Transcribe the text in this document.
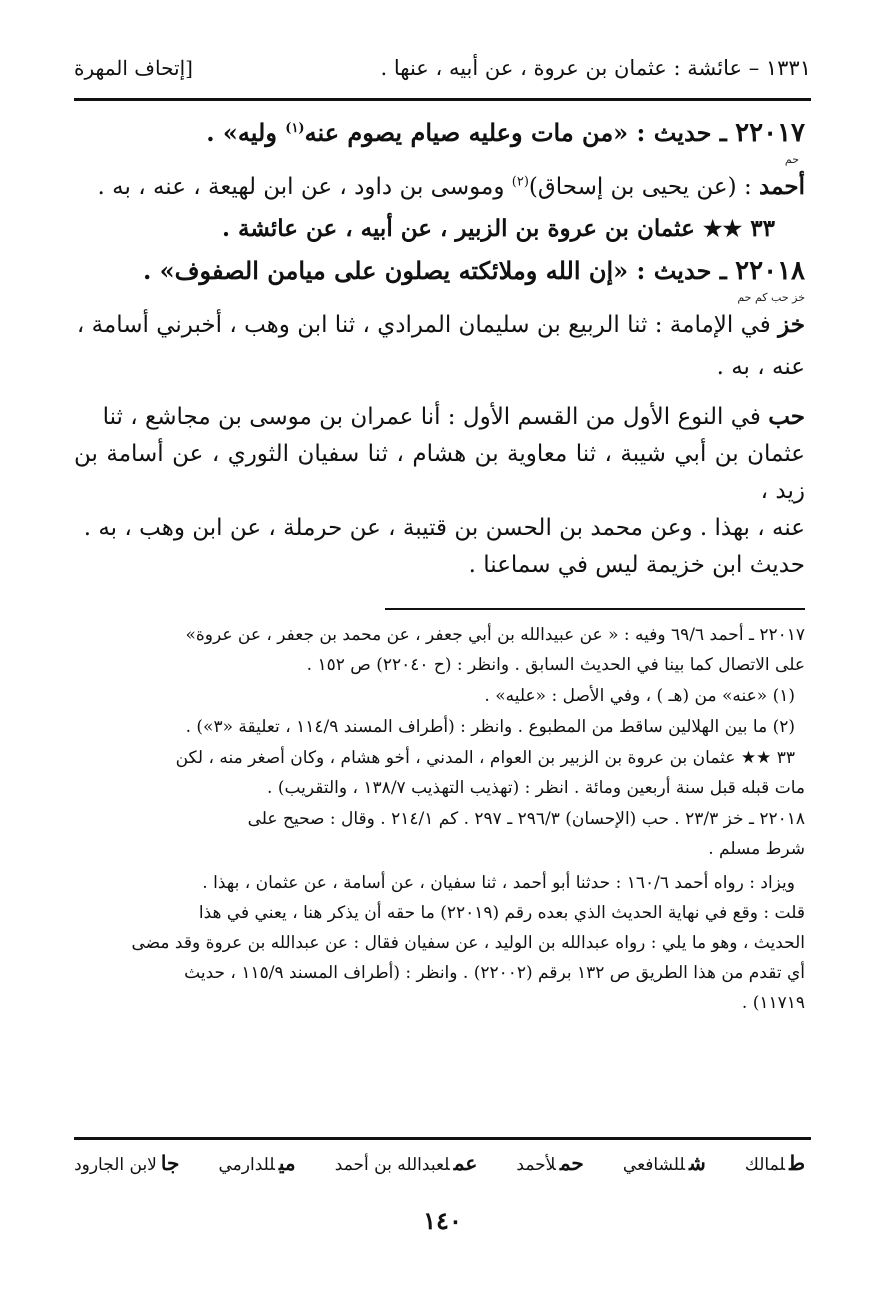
١٣٣١ – عائشة : عثمان بن عروة ، عن أبيه ، عنها .
[إتحاف المهرة
٢٢٠١٧ ـ حديث : «من مات وعليه صيام يصوم عنه$^{(١)}$ وليه» .
حم
أحمد : (عن يحيى بن إسحاق)$^{(٢)}$ وموسى بن داود ، عن ابن لهيعة ، عنه ، به .
٣٣ ★★ عثمان بن عروة بن الزبير ، عن أبيه ، عن عائشة .
٢٢٠١٨ ـ حديث : «إن الله وملائكته يصلون على ميامن الصفوف» .
خز حب كم حم
خز في الإمامة : ثنا الربيع بن سليمان المرادي ، ثنا ابن وهب ، أخبرني أسامة ،
عنه ، به .
حب في النوع الأول من القسم الأول : أنا عمران بن موسى بن مجاشع ، ثنا
عثمان بن أبي شيبة ، ثنا معاوية بن هشام ، ثنا سفيان الثوري ، عن أسامة بن زيد ،
عنه ، بهذا . وعن محمد بن الحسن بن قتيبة ، عن حرملة ، عن ابن وهب ، به .
حديث ابن خزيمة ليس في سماعنا .
٢٢٠١٧ ـ أحمد ٦٩/٦ وفيه : « عن عبيدالله بن أبي جعفر ، عن محمد بن جعفر ، عن عروة»
على الاتصال كما بينا في الحديث السابق . وانظر : (ح ٢٢٠٤٠) ص ١٥٢ .
(١) «عنه» من (هـ ) ، وفي الأصل : «عليه» .
(٢) ما بين الهلالين ساقط من المطبوع . وانظر : (أطراف المسند ١١٤/٩ ، تعليقة «٣») .
٣٣ ★★ عثمان بن عروة بن الزبير بن العوام ، المدني ، أخو هشام ، وكان أصغر منه ، لكن
مات قبله قبل سنة أربعين ومائة . انظر : (تهذيب التهذيب ١٣٨/٧ ، والتقريب) .
٢٢٠١٨ ـ خز ٢٣/٣ . حب (الإحسان) ٢٩٦/٣ ـ ٢٩٧ . كم ٢١٤/١ . وقال : صحيح على
شرط مسلم .
ويزاد : رواه أحمد ١٦٠/٦ : حدثنا أبو أحمد ، ثنا سفيان ، عن أسامة ، عن عثمان ، بهذا .
قلت : وقع في نهاية الحديث الذي بعده رقم (٢٢٠١٩) ما حقه أن يذكر هنا ، يعني في هذا
الحديث ، وهو ما يلي : رواه عبدالله بن الوليد ، عن سفيان فقال : عن عبدالله بن عروة وقد مضى
أي تقدم من هذا الطريق ص ١٣٢ برقم (٢٢٠٠٢) . وانظر : (أطراف المسند ١١٥/٩ ، حديث
١١٧١٩) .
طلمالك
شللشافعي
حملأحمد
عملعبدالله بن أحمد
ميللدارمي
جالابن الجارود
١٤٠
